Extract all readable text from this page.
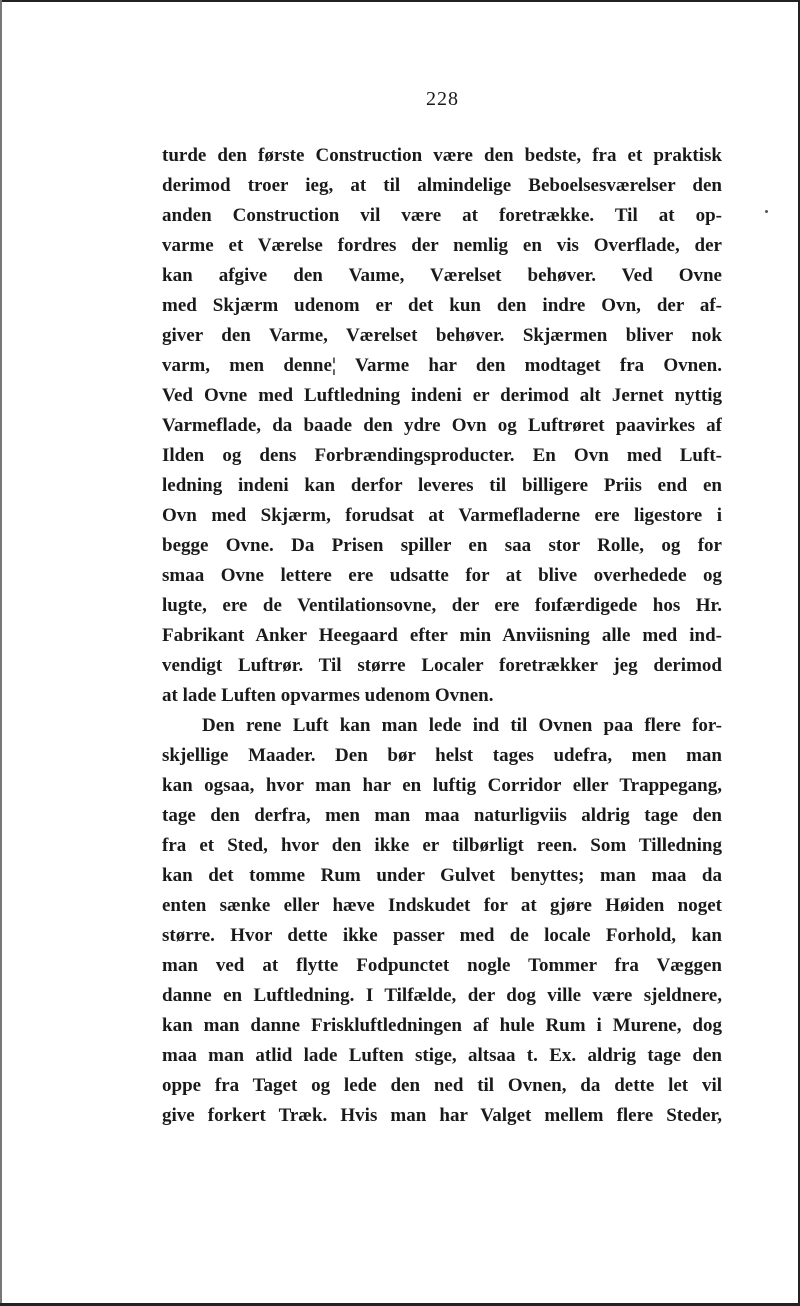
228
turde den første Construction være den bedste, fra et praktisk
derimod troer ieg, at til almindelige Beboelsesværelser den
anden Construction vil være at foretrække. Til at op-
varme et Værelse fordres der nemlig en vis Overflade, der
kan afgive den Vaıme, Værelset behøver. Ved Ovne
med Skjærm udenom er det kun den indre Ovn, der af-
giver den Varme, Værelset behøver. Skjærmen bliver nok
varm, men denne¦ Varme har den modtaget fra Ovnen.
Ved Ovne med Luftledning indeni er derimod alt Jernet nyttig
Varmeflade, da baade den ydre Ovn og Luftrøret paavirkes af
Ilden og dens Forbrændingsproducter. En Ovn med Luft-
ledning indeni kan derfor leveres til billigere Priis end en
Ovn med Skjærm, forudsat at Varmefladerne ere ligestore i
begge Ovne. Da Prisen spiller en saa stor Rolle, og for
smaa Ovne lettere ere udsatte for at blive overhedede og
lugte, ere de Ventilationsovne, der ere foıfærdigede hos Hr.
Fabrikant Anker Heegaard efter min Anviisning alle med ind-
vendigt Luftrør. Til større Localer foretrækker jeg derimod
at lade Luften opvarmes udenom Ovnen.
Den rene Luft kan man lede ind til Ovnen paa flere for-
skjellige Maader. Den bør helst tages udefra, men man
kan ogsaa, hvor man har en luftig Corridor eller Trappegang,
tage den derfra, men man maa naturligviis aldrig tage den
fra et Sted, hvor den ikke er tilbørligt reen. Som Tilledning
kan det tomme Rum under Gulvet benyttes; man maa da
enten sænke eller hæve Indskudet for at gjøre Høiden noget
større. Hvor dette ikke passer med de locale Forhold, kan
man ved at flytte Fodpunctet nogle Tommer fra Væggen
danne en Luftledning. I Tilfælde, der dog ville være sjeldnere,
kan man danne Friskluftledningen af hule Rum i Murene, dog
maa man atlid lade Luften stige, altsaa t. Ex. aldrig tage den
oppe fra Taget og lede den ned til Ovnen, da dette let vil
give forkert Træk. Hvis man har Valget mellem flere Steder,
